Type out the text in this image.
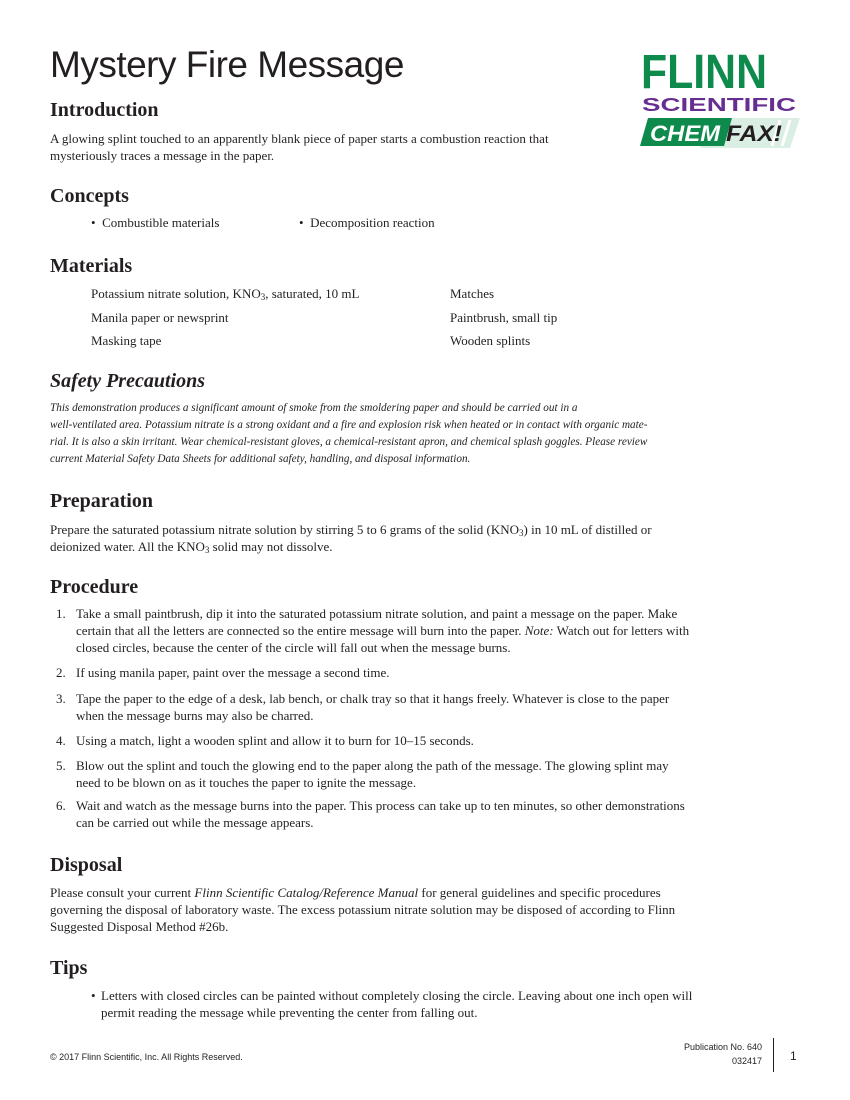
Mystery Fire Message	FLINN
SCIENTIFIC
CHEM FAX!
Introduction

A glowing splint touched to an apparently blank piece of paper starts a combustion reaction that

mysteriously traces a message in the paper.

Concepts
•  Combustible materials	•  Decomposition reaction
Materials
Potassium nitrate solution, $KNO_3$, saturated, 10 mL
Manila paper or newsprint
Masking tape
Matches
Paintbrush, small tip
Wooden splints
Safety Precautions
This demonstration produces a significant amount of smoke from the smoldering paper and should be carried out in a
well-ventilated area. Potassium nitrate is a strong oxidant and a fire and explosion risk when heated or in contact with organic mate-
rial. It is also a skin irritant. Wear chemical-resistant gloves, a chemical-resistant apron, and chemical splash goggles. Please review
current Material Safety Data Sheets for additional safety, handling, and disposal information.
Preparation

Prepare the saturated potassium nitrate solution by stirring 5 to 6 grams of the solid $(KNO_3)$ in 10 mL of distilled or

deionized water. All the $KNO_3$ solid may not dissolve.

Procedure
1. Take a small paintbrush, dip it into the saturated potassium nitrate solution, and paint a message on the paper. Make
certain that all the letters are connected so the entire message will burn into the paper. Note: Watch out for letters with
closed circles, because the center of the circle will fall out when the message burns.
2. If using manila paper, paint over the message a second time.
3. Tape the paper to the edge of a desk, lab bench, or chalk tray so that it hangs freely. Whatever is close to the paper
when the message burns may also be charred.
4. Using a match, light a wooden splint and allow it to burn for 10–15 seconds.
5. Blow out the splint and touch the glowing end to the paper along the path of the message. The glowing splint may
need to be blown on as it touches the paper to ignite the message.
6. Wait and watch as the message burns into the paper. This process can take up to ten minutes, so other demonstrations
can be carried out while the message appears.
Disposal

Please consult your current Flinn Scientific Catalog/Reference Manual for general guidelines and specific procedures

governing the disposal of laboratory waste. The excess potassium nitrate solution may be disposed of according to Flinn

Suggested Disposal Method #26b.

Tips
• Letters with closed circles can be painted without completely closing the circle. Leaving about one inch open will
permit reading the message while preventing the center from falling out.
© 2017 Flinn Scientific, Inc. All Rights Reserved.
Publication No. 640
032417 1
